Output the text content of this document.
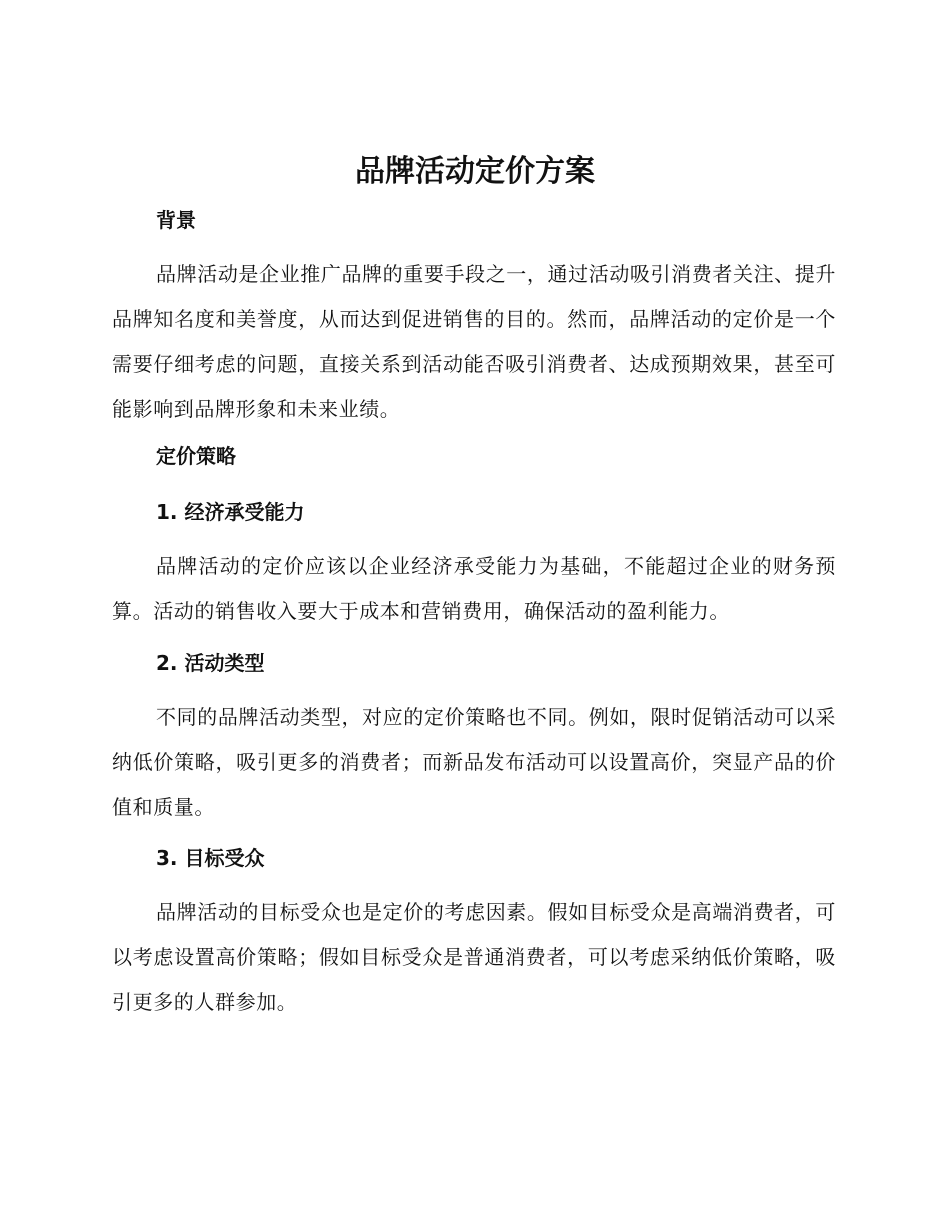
品牌活动定价方案
背景

品牌活动是企业推广品牌的重要手段之一，通过活动吸引消费者关注、提升品牌知名度和美誉度，从而达到促进销售的目的。然而，品牌活动的定价是一个需要仔细考虑的问题，直接关系到活动能否吸引消费者、达成预期效果，甚至可能影响到品牌形象和未来业绩。

定价策略
1. 经济承受能力

品牌活动的定价应该以企业经济承受能力为基础，不能超过企业的财务预算。活动的销售收入要大于成本和营销费用，确保活动的盈利能力。

2. 活动类型

不同的品牌活动类型，对应的定价策略也不同。例如，限时促销活动可以采纳低价策略，吸引更多的消费者；而新品发布活动可以设置高价，突显产品的价值和质量。

3. 目标受众

品牌活动的目标受众也是定价的考虑因素。假如目标受众是高端消费者，可以考虑设置高价策略；假如目标受众是普通消费者，可以考虑采纳低价策略，吸引更多的人群参加。
